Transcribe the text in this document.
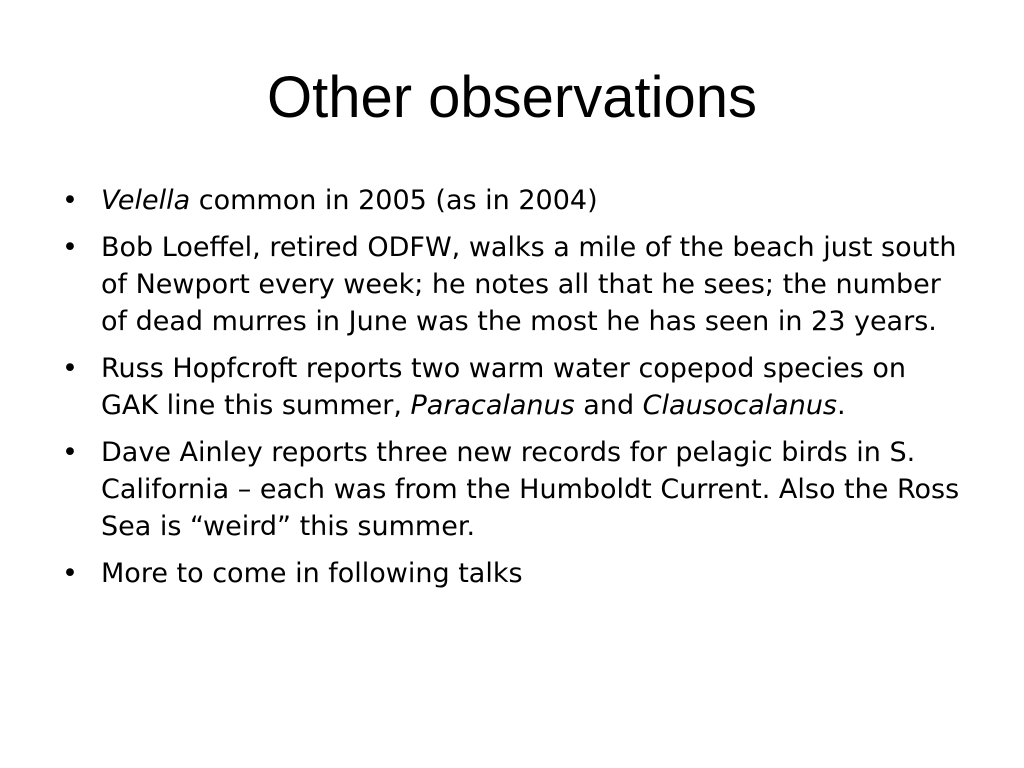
Other observations
• Velella common in 2005 (as in 2004)
• Bob Loeffel, retired ODFW, walks a mile of the beach just south of Newport every week; he notes all that he sees; the number of dead murres in June was the most he has seen in 23 years.
• Russ Hopfcroft reports two warm water copepod species on GAK line this summer, Paracalanus and Clausocalanus.
• Dave Ainley reports three new records for pelagic birds in S. California – each was from the Humboldt Current. Also the Ross Sea is “weird” this summer.
• More to come in following talks
